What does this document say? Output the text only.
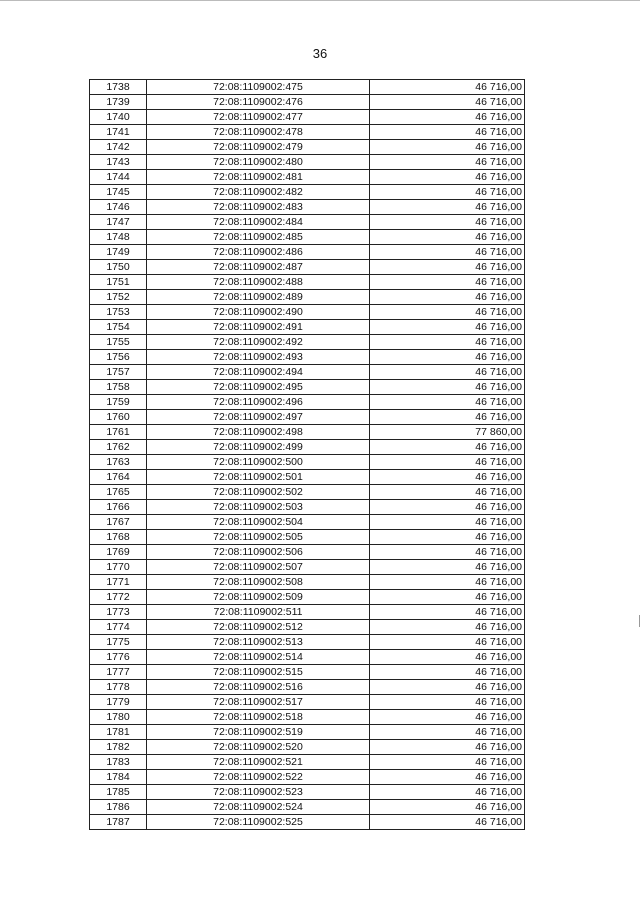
36
1738	72:08:1109002:475	46 716,00
1739	72:08:1109002:476	46 716,00
1740	72:08:1109002:477	46 716,00
1741	72:08:1109002:478	46 716,00
1742	72:08:1109002:479	46 716,00
1743	72:08:1109002:480	46 716,00
1744	72:08:1109002:481	46 716,00
1745	72:08:1109002:482	46 716,00
1746	72:08:1109002:483	46 716,00
1747	72:08:1109002:484	46 716,00
1748	72:08:1109002:485	46 716,00
1749	72:08:1109002:486	46 716,00
1750	72:08:1109002:487	46 716,00
1751	72:08:1109002:488	46 716,00
1752	72:08:1109002:489	46 716,00
1753	72:08:1109002:490	46 716,00
1754	72:08:1109002:491	46 716,00
1755	72:08:1109002:492	46 716,00
1756	72:08:1109002:493	46 716,00
1757	72:08:1109002:494	46 716,00
1758	72:08:1109002:495	46 716,00
1759	72:08:1109002:496	46 716,00
1760	72:08:1109002:497	46 716,00
1761	72:08:1109002:498	77 860,00
1762	72:08:1109002:499	46 716,00
1763	72:08:1109002:500	46 716,00
1764	72:08:1109002:501	46 716,00
1765	72:08:1109002:502	46 716,00
1766	72:08:1109002:503	46 716,00
1767	72:08:1109002:504	46 716,00
1768	72:08:1109002:505	46 716,00
1769	72:08:1109002:506	46 716,00
1770	72:08:1109002:507	46 716,00
1771	72:08:1109002:508	46 716,00
1772	72:08:1109002:509	46 716,00
1773	72:08:1109002:511	46 716,00
1774	72:08:1109002:512	46 716,00
1775	72:08:1109002:513	46 716,00
1776	72:08:1109002:514	46 716,00
1777	72:08:1109002:515	46 716,00
1778	72:08:1109002:516	46 716,00
1779	72:08:1109002:517	46 716,00
1780	72:08:1109002:518	46 716,00
1781	72:08:1109002:519	46 716,00
1782	72:08:1109002:520	46 716,00
1783	72:08:1109002:521	46 716,00
1784	72:08:1109002:522	46 716,00
1785	72:08:1109002:523	46 716,00
1786	72:08:1109002:524	46 716,00
1787	72:08:1109002:525	46 716,00
